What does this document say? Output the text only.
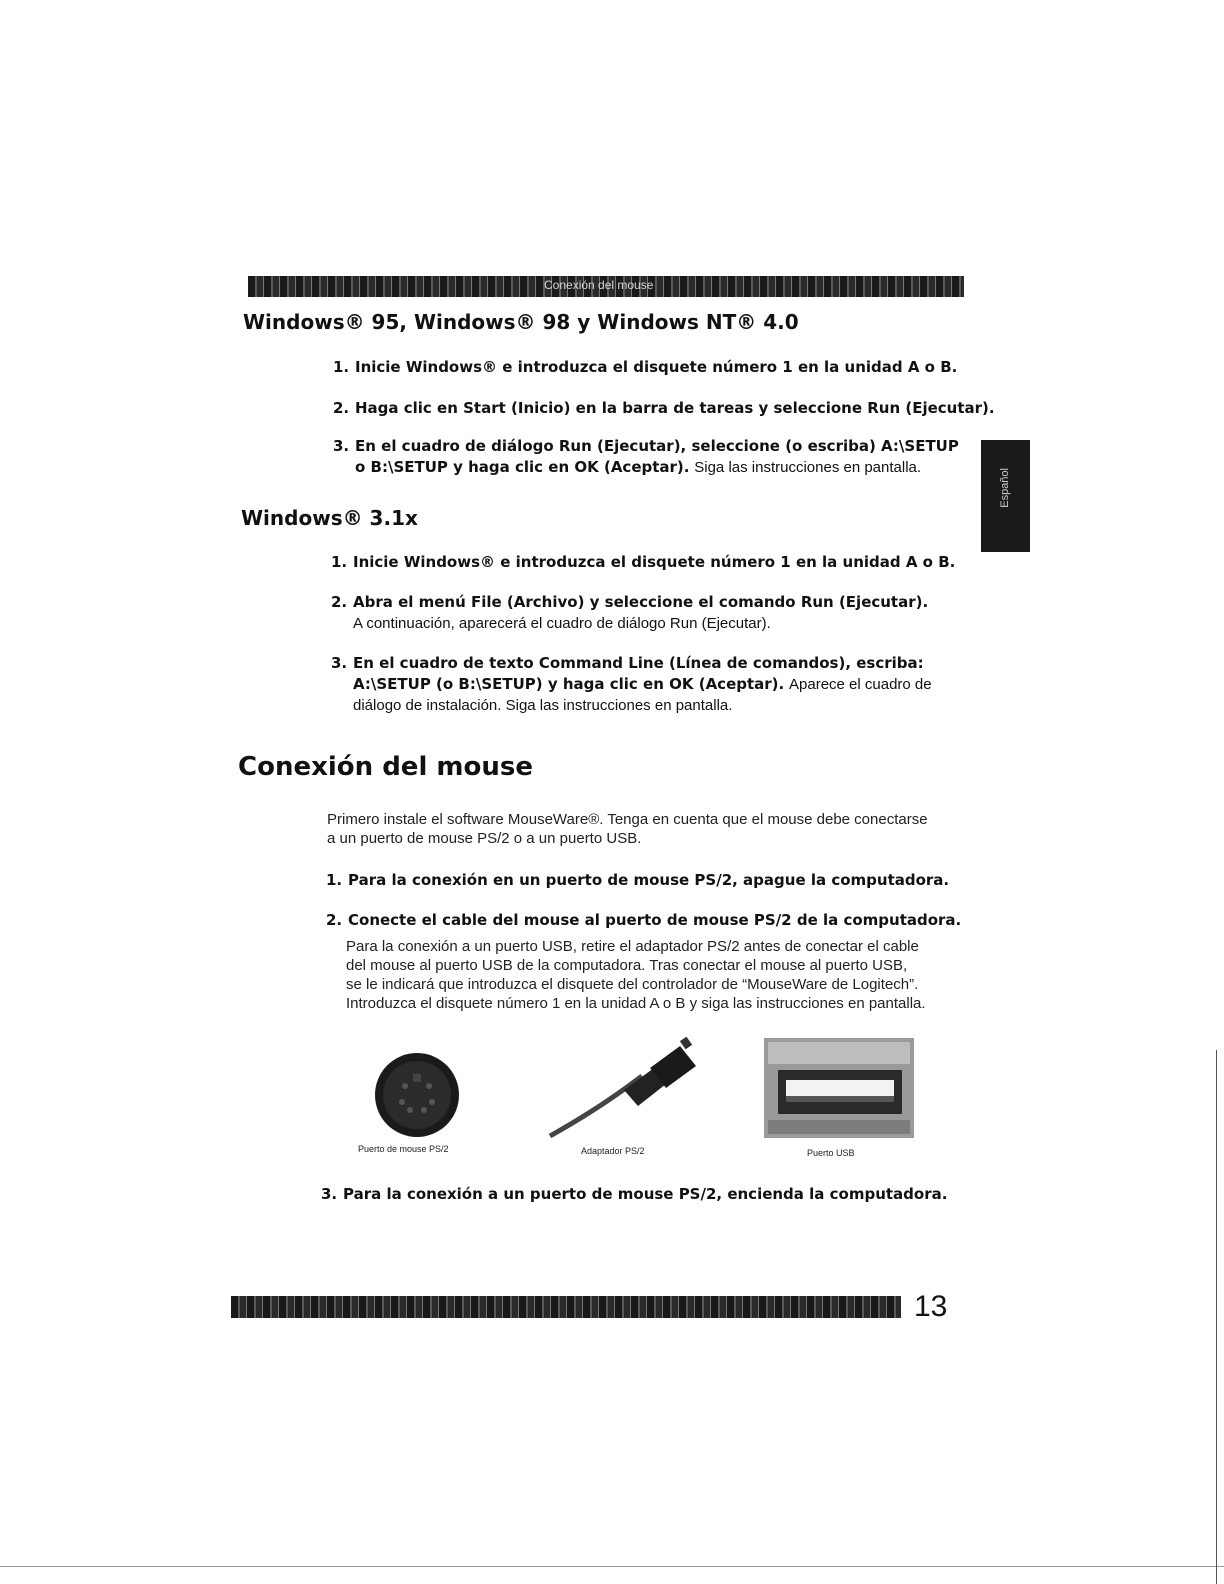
Conexión del mouse
Español
Windows® 95, Windows® 98 y Windows NT® 4.0
1. Inicie Windows® e introduzca el disquete número 1 en la unidad A o B.
2. Haga clic en Start (Inicio) en la barra de tareas y seleccione Run (Ejecutar).
3. En el cuadro de diálogo Run (Ejecutar), seleccione (o escriba) A:\SETUP
o B:\SETUP y haga clic en OK (Aceptar). Siga las instrucciones en pantalla.
Windows® 3.1x
1. Inicie Windows® e introduzca el disquete número 1 en la unidad A o B.
2. Abra el menú File (Archivo) y seleccione el comando Run (Ejecutar).
A continuación, aparecerá el cuadro de diálogo Run (Ejecutar).
3. En el cuadro de texto Command Line (Línea de comandos), escriba:
A:\SETUP (o B:\SETUP) y haga clic en OK (Aceptar). Aparece el cuadro de
diálogo de instalación. Siga las instrucciones en pantalla.
Conexión del mouse
Primero instale el software MouseWare®. Tenga en cuenta que el mouse debe conectarse
a un puerto de mouse PS/2 o a un puerto USB.
1. Para la conexión en un puerto de mouse PS/2, apague la computadora.
2. Conecte el cable del mouse al puerto de mouse PS/2 de la computadora.
Para la conexión a un puerto USB, retire el adaptador PS/2 antes de conectar el cable
del mouse al puerto USB de la computadora. Tras conectar el mouse al puerto USB,
se le indicará que introduzca el disquete del controlador de “MouseWare de Logitech”.
Introduzca el disquete número 1 en la unidad A o B y siga las instrucciones en pantalla.
Puerto de mouse PS/2	Adaptador PS/2	Puerto USB
3. Para la conexión a un puerto de mouse PS/2, encienda la computadora.
13
